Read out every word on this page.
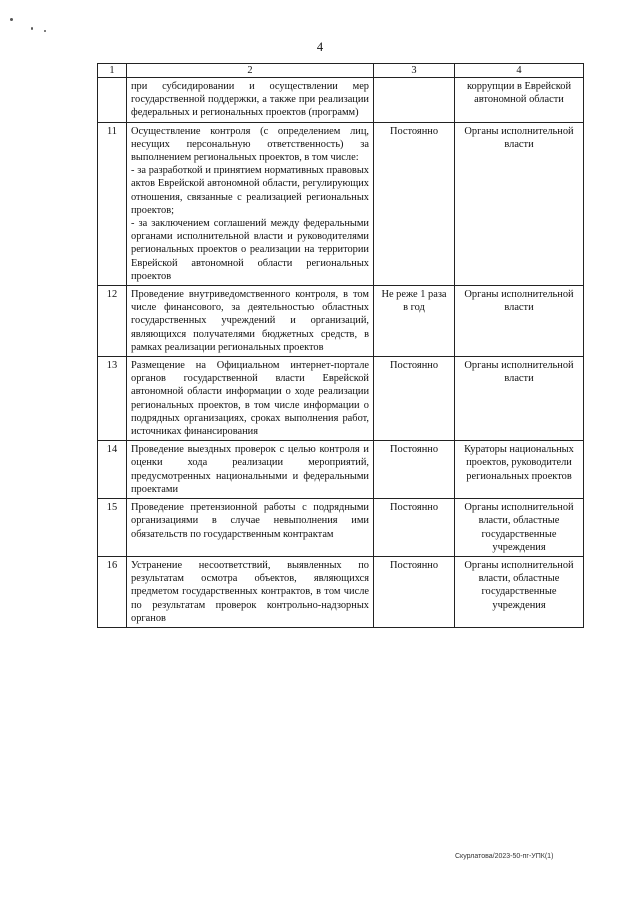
4
1	2	3	4

	при субсидировании и осуществлении мер государственной поддержки, а также при реализации федеральных и региональных проектов (программ)		коррупции в Еврейской автономной области
11	Осуществление контроля (с определением лиц, несущих персональную ответственность) за выполнением региональных проектов, в том числе:
- за разработкой и принятием нормативных правовых актов Еврейской автономной области, регулирующих отношения, связанные с реализацией региональных проектов;
- за заключением соглашений между федеральными органами исполнительной власти и руководителями региональных проектов о реализации на территории Еврейской автономной области региональных проектов	Постоянно	Органы исполнительной власти
12	Проведение внутриведомственного контроля, в том числе финансового, за деятельностью областных государственных учреждений и организаций, являющихся получателями бюджетных средств, в рамках реализации региональных проектов	Не реже 1 раза в год	Органы исполнительной власти
13	Размещение на Официальном интернет-портале органов государственной власти Еврейской автономной области информации о ходе реализации региональных проектов, в том числе информации о подрядных организациях, сроках выполнения работ, источниках финансирования	Постоянно	Органы исполнительной власти
14	Проведение выездных проверок с целью контроля и оценки хода реализации мероприятий, предусмотренных национальными и федеральными проектами	Постоянно	Кураторы национальных проектов, руководители региональных проектов
15	Проведение претензионной работы с подрядными организациями в случае невыполнения ими обязательств по государственным контрактам	Постоянно	Органы исполнительной власти, областные государственные учреждения
16	Устранение несоответствий, выявленных по результатам осмотра объектов, являющихся предметом государственных контрактов, в том числе по результатам проверок контрольно-надзорных органов	Постоянно	Органы исполнительной власти, областные государственные учреждения
Скурлатова/2023-50-пг-УПК(1)
